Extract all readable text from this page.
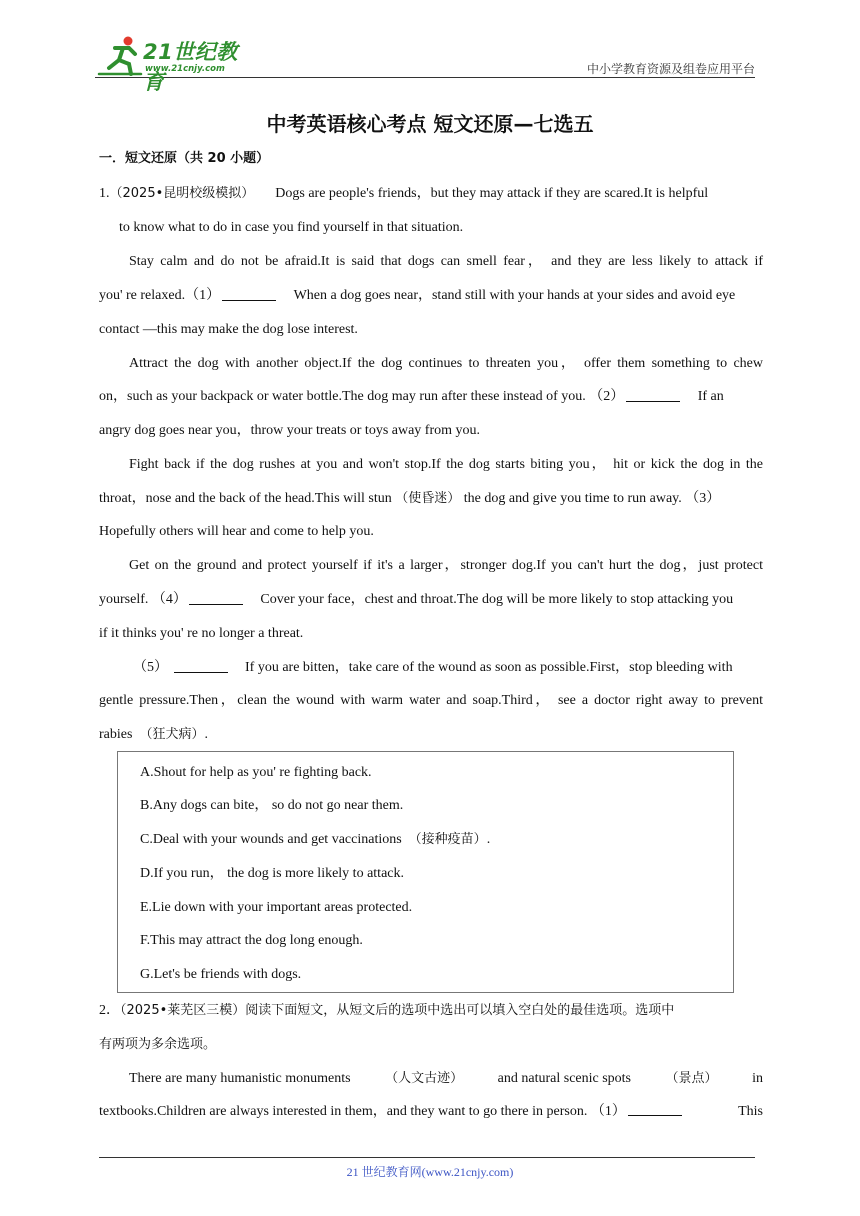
21世纪教育
www.21cnjy.com	中小学教育资源及组卷应用平台
中考英语核心考点 短文还原—七选五
一．短文还原（共 20 小题）
1.（2025•昆明校级模拟） Dogs are people's friends，but they may attack if they are scared.It is helpful
to know what to do in case you find yourself in that situation.
Stay calm and do not be afraid.It is said that dogs can smell fear， and they are less likely to attack if
you' re relaxed.（1）	When a dog goes near，stand still with your hands at your sides and avoid eye
contact —this may make the dog lose interest.
Attract the dog with another object.If the dog continues to threaten you， offer them something to chew
on，such as your backpack or water bottle.The dog may run after these instead of you. （2）	If an
angry dog goes near you，throw your treats or toys away from you.
Fight back if the dog rushes at you and won't stop.If the dog starts biting you， hit or kick the dog in the
throat，nose and the back of the head.This will stun （使昏迷） the dog and give you time to run away. （3）
Hopefully others will hear and come to help you.
Get on the ground and protect yourself if it's a larger，stronger dog.If you can't hurt the dog，just protect
yourself. （4）	Cover your face，chest and throat.The dog will be more likely to stop attacking you
if it thinks you' re no longer a threat.
（5）	If you are bitten，take care of the wound as soon as possible.First，stop bleeding with
gentle pressure.Then，clean the wound with warm water and soap.Third， see a doctor right away to prevent
rabies （狂犬病）.
A.Shout for help as you' re fighting back.
B.Any dogs can bite， so do not go near them.
C.Deal with your wounds and get vaccinations （接种疫苗）.
D.If you run， the dog is more likely to attack.
E.Lie down with your important areas protected.
F.This may attract the dog long enough.
G.Let's be friends with dogs.
2．（2025•莱芜区三模）阅读下面短文，从短文后的选项中选出可以填入空白处的最佳选项。选项中
有两项为多余选项。
There are many humanistic monuments	（人文古迹） and natural scenic spots	（景点） in
textbooks.Children are always interested in them，and they want to go there in person. （1）	This
21 世纪教育网(www.21cnjy.com)
